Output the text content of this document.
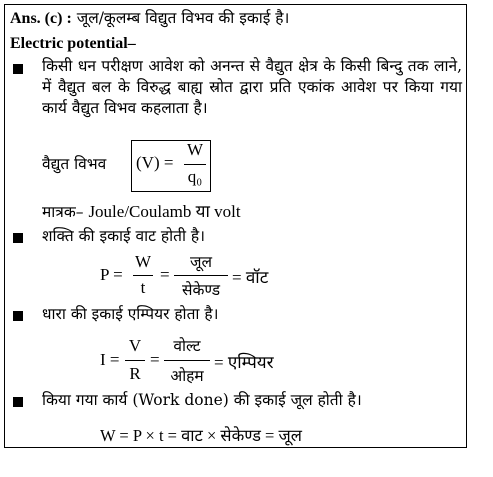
Ans. (c) : जूल/कूलम्ब विद्युत विभव की इकाई है।
Electric potential–
किसी धन परीक्षण आवेश को अनन्त से वैद्युत क्षेत्र के किसी बिन्दु तक लाने, में वैद्युत बल के विरुद्ध बाह्य स्रोत द्वारा प्रति एकांक आवेश पर किया गया कार्य वैद्युत विभव कहलाता है।
वैद्युत विभव (V) =
W
q₀
मात्रक– Joule/Coulamb या volt
शक्ति की इकाई वाट होती है।
P =
W
t
=
जूल
सेकेण्ड
= वॉट
धारा की इकाई एम्पियर होता है।
I =
V
R
=
वोल्ट
ओहम
= एम्पियर
किया गया कार्य (Work done) की इकाई जूल होती है।
W = P × t = वाट × सेकेण्ड = जूल
